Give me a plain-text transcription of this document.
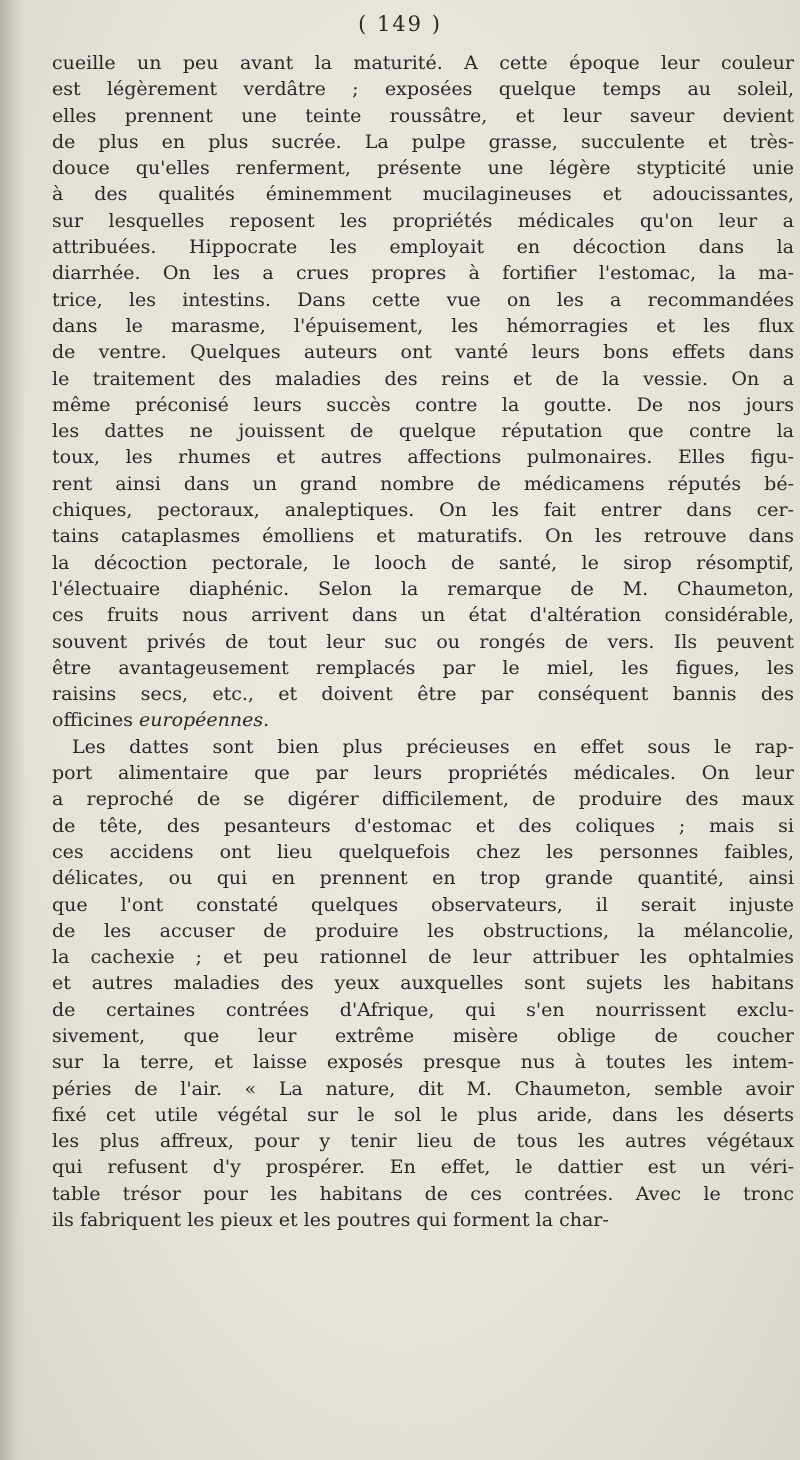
( 149 )
cueille un peu avant la maturité. A cette époque leur couleur
est légèrement verdâtre ; exposées quelque temps au soleil,
elles prennent une teinte roussâtre, et leur saveur devient
de plus en plus sucrée. La pulpe grasse, succulente et très-
douce qu'elles renferment, présente une légère stypticité unie
à des qualités éminemment mucilagineuses et adoucissantes,
sur lesquelles reposent les propriétés médicales qu'on leur a
attribuées. Hippocrate les employait en décoction dans la
diarrhée. On les a crues propres à fortifier l'estomac, la ma-
trice, les intestins. Dans cette vue on les a recommandées
dans le marasme, l'épuisement, les hémorragies et les flux
de ventre. Quelques auteurs ont vanté leurs bons effets dans
le traitement des maladies des reins et de la vessie. On a
même préconisé leurs succès contre la goutte. De nos jours
les dattes ne jouissent de quelque réputation que contre la
toux, les rhumes et autres affections pulmonaires. Elles figu-
rent ainsi dans un grand nombre de médicamens réputés bé-
chiques, pectoraux, analeptiques. On les fait entrer dans cer-
tains cataplasmes émolliens et maturatifs. On les retrouve dans
la décoction pectorale, le looch de santé, le sirop résomptif,
l'électuaire diaphénic. Selon la remarque de M. Chaumeton,
ces fruits nous arrivent dans un état d'altération considérable,
souvent privés de tout leur suc ou rongés de vers. Ils peuvent
être avantageusement remplacés par le miel, les figues, les
raisins secs, etc., et doivent être par conséquent bannis des
officines européennes.
Les dattes sont bien plus précieuses en effet sous le rap-
port alimentaire que par leurs propriétés médicales. On leur
a reproché de se digérer difficilement, de produire des maux
de tête, des pesanteurs d'estomac et des coliques ; mais si
ces accidens ont lieu quelquefois chez les personnes faibles,
délicates, ou qui en prennent en trop grande quantité, ainsi
que l'ont constaté quelques observateurs, il serait injuste
de les accuser de produire les obstructions, la mélancolie,
la cachexie ; et peu rationnel de leur attribuer les ophtalmies
et autres maladies des yeux auxquelles sont sujets les habitans
de certaines contrées d'Afrique, qui s'en nourrissent exclu-
sivement, que leur extrême misère oblige de coucher
sur la terre, et laisse exposés presque nus à toutes les intem-
péries de l'air. « La nature, dit M. Chaumeton, semble avoir
fixé cet utile végétal sur le sol le plus aride, dans les déserts
les plus affreux, pour y tenir lieu de tous les autres végétaux
qui refusent d'y prospérer. En effet, le dattier est un véri-
table trésor pour les habitans de ces contrées. Avec le tronc
ils fabriquent les pieux et les poutres qui forment la char-
